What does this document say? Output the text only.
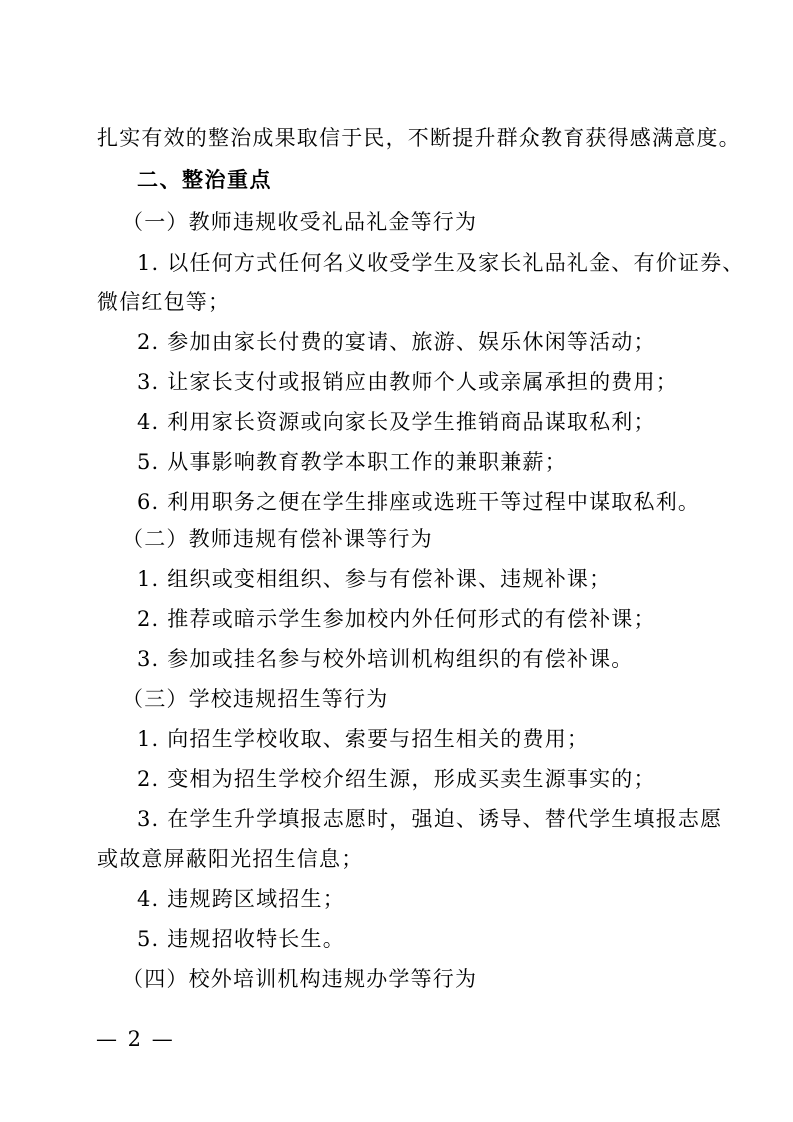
扎实有效的整治成果取信于民，不断提升群众教育获得感满意度。
二、整治重点
（一）教师违规收受礼品礼金等行为
1. 以任何方式任何名义收受学生及家长礼品礼金、有价证券、
微信红包等；
2. 参加由家长付费的宴请、旅游、娱乐休闲等活动；
3. 让家长支付或报销应由教师个人或亲属承担的费用；
4. 利用家长资源或向家长及学生推销商品谋取私利；
5. 从事影响教育教学本职工作的兼职兼薪；
6. 利用职务之便在学生排座或选班干等过程中谋取私利。
（二）教师违规有偿补课等行为
1. 组织或变相组织、参与有偿补课、违规补课；
2. 推荐或暗示学生参加校内外任何形式的有偿补课；
3. 参加或挂名参与校外培训机构组织的有偿补课。
（三）学校违规招生等行为
1. 向招生学校收取、索要与招生相关的费用；
2. 变相为招生学校介绍生源，形成买卖生源事实的；
3. 在学生升学填报志愿时，强迫、诱导、替代学生填报志愿
或故意屏蔽阳光招生信息；
4. 违规跨区域招生；
5. 违规招收特长生。
（四）校外培训机构违规办学等行为
— 2 —
